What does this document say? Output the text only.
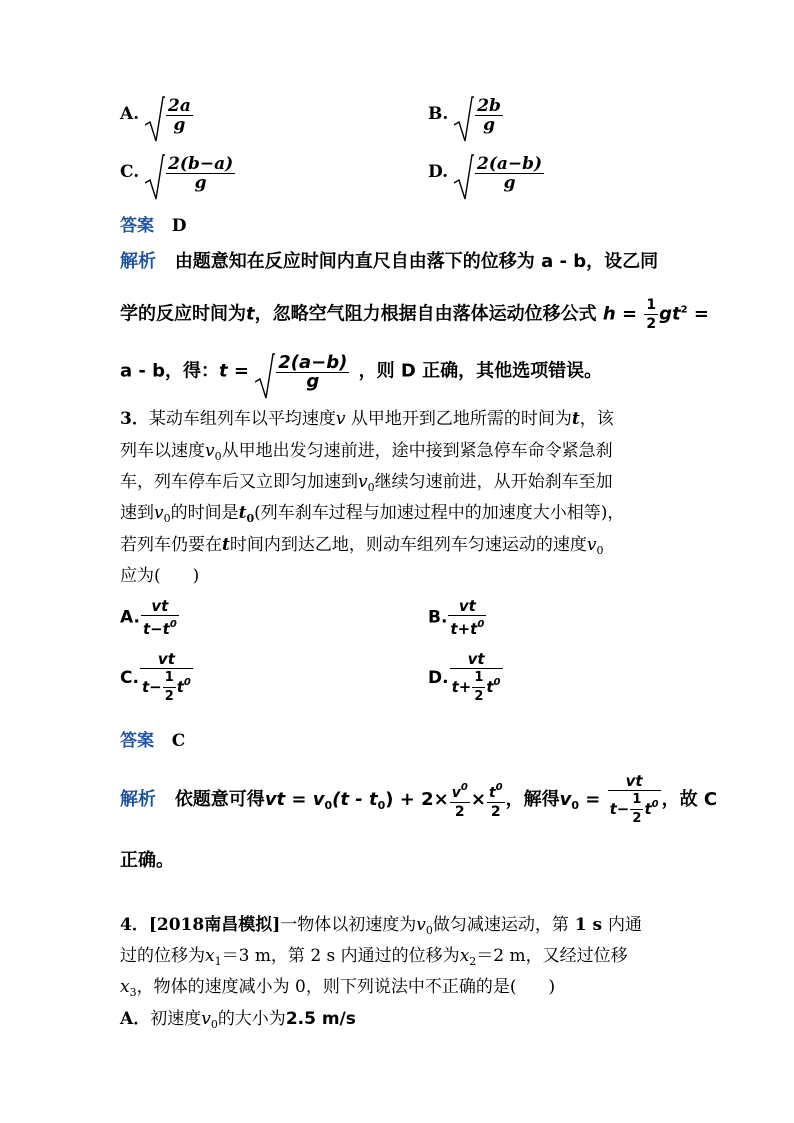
A. $\frac{2a}{g}$	B. $\frac{2b}{g}$
C. $\frac{2(b-a)}{g}$	D. $\frac{2(a-b)}{g}$
答案 D
解析 由题意知在反应时间内直尺自由落下的位移为 a - b，设乙同
学的反应时间为t，忽略空气阻力根据自由落体运动位移公式 $h = \frac{1}{2} gt^2$ =
a - b，得：$t = \frac{2(a-b)}{g}$ ，则 D 正确，其他选项错误。
3．某动车组列车以平均速度v 从甲地开到乙地所需的时间为t，该
列车以速度$v_0$从甲地出发匀速前进，途中接到紧急停车命令紧急刹
车，列车停车后又立即匀加速到$v_0$继续匀速前进，从开始刹车至加
速到$v_0$的时间是$t_0$(列车刹车过程与加速过程中的加速度大小相等)，
若列车仍要在t时间内到达乙地，则动车组列车匀速运动的速度$v_0$
应为( )
A. $\frac{vt}{t-t^0}$	B. $\frac{vt}{t+t^0}$
C. $\frac{vt}{t- \frac{1}{2} t^0}$	D. $\frac{vt}{t+ \frac{1}{2} t^0}$
答案 C
解析 依题意可得vt = $v_0(t - t_0) + 2\times \frac{v^0}{2} \times \frac{t^0}{2}$ ，解得$v_0 = \frac{vt}{t- \frac{1}{2} t^0}$ ，故 C
正确。
4．[2018南昌模拟]一物体以初速度为$v_0$做匀减速运动，第 1 s 内通
过的位移为$x_1=3$ m，第 2 s 内通过的位移为$x_2=2$ m，又经过位移
$x_3$，物体的速度减小为 0，则下列说法中不正确的是( )
A．初速度$v_0$的大小为2.5 m/s
